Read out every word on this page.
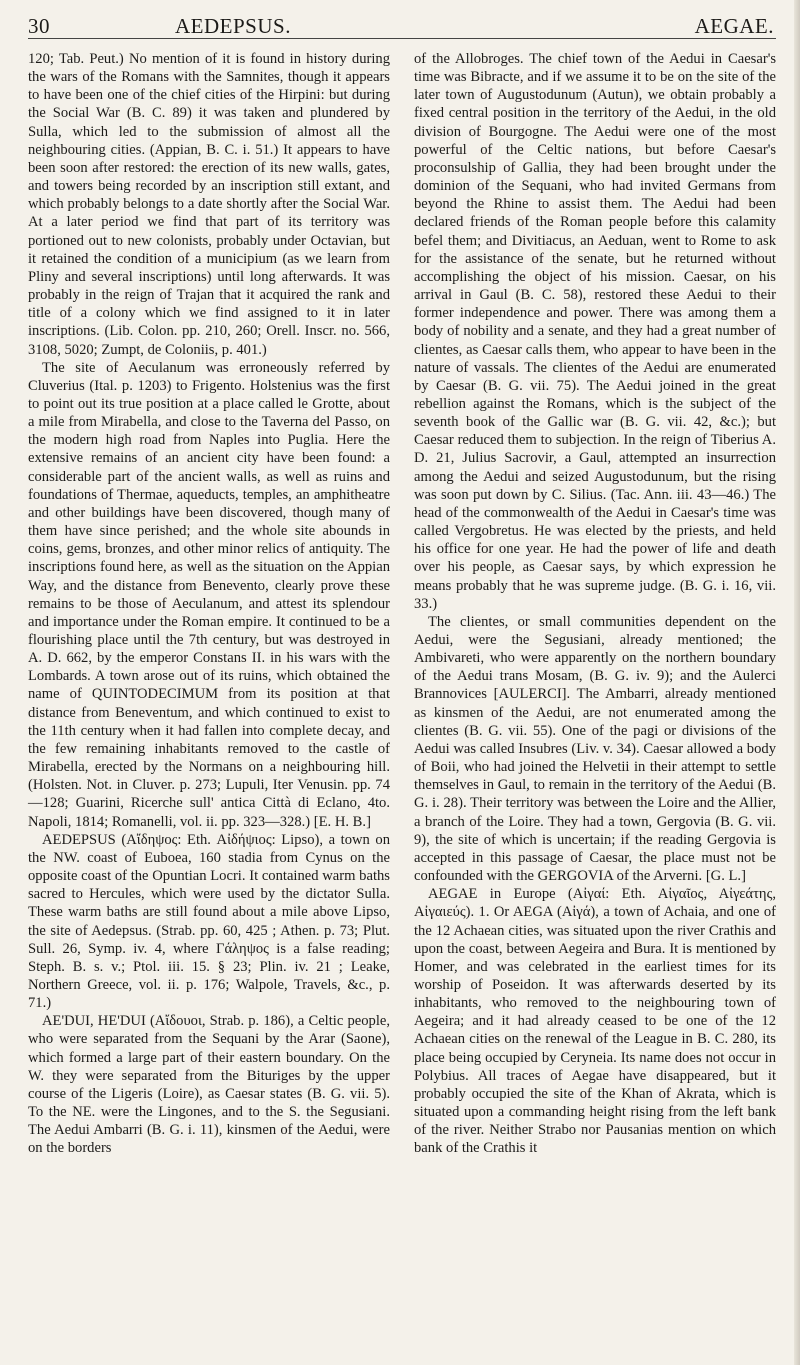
30	AEDEPSUS.	AEGAE.

120; Tab. Peut.) No mention of it is found in history during the wars of the Romans with the Samnites, though it appears to have been one of the chief cities of the Hirpini: but during the Social War (B. C. 89) it was taken and plundered by Sulla, which led to the submission of almost all the neighbouring cities. (Appian, B. C. i. 51.) It appears to have been soon after restored: the erection of its new walls, gates, and towers being recorded by an inscription still extant, and which probably belongs to a date shortly after the Social War. At a later period we find that part of its territory was portioned out to new colonists, probably under Octavian, but it retained the condition of a municipium (as we learn from Pliny and several inscriptions) until long afterwards. It was probably in the reign of Trajan that it acquired the rank and title of a colony which we find assigned to it in later inscriptions. (Lib. Colon. pp. 210, 260; Orell. Inscr. no. 566, 3108, 5020; Zumpt, de Coloniis, p. 401.)

The site of Aeculanum was erroneously referred by Cluverius (Ital. p. 1203) to Frigento. Holstenius was the first to point out its true position at a place called le Grotte, about a mile from Mirabella, and close to the Taverna del Passo, on the modern high road from Naples into Puglia. Here the extensive remains of an ancient city have been found: a considerable part of the ancient walls, as well as ruins and foundations of Thermae, aqueducts, temples, an amphitheatre and other buildings have been discovered, though many of them have since perished; and the whole site abounds in coins, gems, bronzes, and other minor relics of antiquity. The inscriptions found here, as well as the situation on the Appian Way, and the distance from Benevento, clearly prove these remains to be those of Aeculanum, and attest its splendour and importance under the Roman empire. It continued to be a flourishing place until the 7th century, but was destroyed in A. D. 662, by the emperor Constans II. in his wars with the Lombards. A town arose out of its ruins, which obtained the name of QUINTODECIMUM from its position at that distance from Beneventum, and which continued to exist to the 11th century when it had fallen into complete decay, and the few remaining inhabitants removed to the castle of Mirabella, erected by the Normans on a neighbouring hill. (Holsten. Not. in Cluver. p. 273; Lupuli, Iter Venusin. pp. 74—128; Guarini, Ricerche sull' antica Città di Eclano, 4to. Napoli, 1814; Romanelli, vol. ii. pp. 323—328.) [E. H. B.]

AEDEPSUS (Αἴδηψος: Eth. Αἰδήψιος: Lipso), a town on the NW. coast of Euboea, 160 stadia from Cynus on the opposite coast of the Opuntian Locri. It contained warm baths sacred to Hercules, which were used by the dictator Sulla. These warm baths are still found about a mile above Lipso, the site of Aedepsus. (Strab. pp. 60, 425 ; Athen. p. 73; Plut. Sull. 26, Symp. iv. 4, where Γάληψος is a false reading; Steph. B. s. v.; Ptol. iii. 15. § 23; Plin. iv. 21 ; Leake, Northern Greece, vol. ii. p. 176; Walpole, Travels, &c., p. 71.)

AE'DUI, HE'DUI (Αἴδουοι, Strab. p. 186), a Celtic people, who were separated from the Sequani by the Arar (Saone), which formed a large part of their eastern boundary. On the W. they were separated from the Bituriges by the upper course of the Ligeris (Loire), as Caesar states (B. G. vii. 5). To the NE. were the Lingones, and to the S. the Segusiani. The Aedui Ambarri (B. G. i. 11), kinsmen of the Aedui, were on the borders

of the Allobroges. The chief town of the Aedui in Caesar's time was Bibracte, and if we assume it to be on the site of the later town of Augustodunum (Autun), we obtain probably a fixed central position in the territory of the Aedui, in the old division of Bourgogne. The Aedui were one of the most powerful of the Celtic nations, but before Caesar's proconsulship of Gallia, they had been brought under the dominion of the Sequani, who had invited Germans from beyond the Rhine to assist them. The Aedui had been declared friends of the Roman people before this calamity befel them; and Divitiacus, an Aeduan, went to Rome to ask for the assistance of the senate, but he returned without accomplishing the object of his mission. Caesar, on his arrival in Gaul (B. C. 58), restored these Aedui to their former independence and power. There was among them a body of nobility and a senate, and they had a great number of clientes, as Caesar calls them, who appear to have been in the nature of vassals. The clientes of the Aedui are enumerated by Caesar (B. G. vii. 75). The Aedui joined in the great rebellion against the Romans, which is the subject of the seventh book of the Gallic war (B. G. vii. 42, &c.); but Caesar reduced them to subjection. In the reign of Tiberius A. D. 21, Julius Sacrovir, a Gaul, attempted an insurrection among the Aedui and seized Augustodunum, but the rising was soon put down by C. Silius. (Tac. Ann. iii. 43—46.) The head of the commonwealth of the Aedui in Caesar's time was called Vergobretus. He was elected by the priests, and held his office for one year. He had the power of life and death over his people, as Caesar says, by which expression he means probably that he was supreme judge. (B. G. i. 16, vii. 33.)

The clientes, or small communities dependent on the Aedui, were the Segusiani, already mentioned; the Ambivareti, who were apparently on the northern boundary of the Aedui trans Mosam, (B. G. iv. 9); and the Aulerci Brannovices [AULERCI]. The Ambarri, already mentioned as kinsmen of the Aedui, are not enumerated among the clientes (B. G. vii. 55). One of the pagi or divisions of the Aedui was called Insubres (Liv. v. 34). Caesar allowed a body of Boii, who had joined the Helvetii in their attempt to settle themselves in Gaul, to remain in the territory of the Aedui (B. G. i. 28). Their territory was between the Loire and the Allier, a branch of the Loire. They had a town, Gergovia (B. G. vii. 9), the site of which is uncertain; if the reading Gergovia is accepted in this passage of Caesar, the place must not be confounded with the GERGOVIA of the Arverni. [G. L.]

AEGAE in Europe (Αἰγαί: Eth. Αἰγαῖος, Αἰγεάτης, Αἰγαιεύς). 1. Or AEGA (Αἰγά), a town of Achaia, and one of the 12 Achaean cities, was situated upon the river Crathis and upon the coast, between Aegeira and Bura. It is mentioned by Homer, and was celebrated in the earliest times for its worship of Poseidon. It was afterwards deserted by its inhabitants, who removed to the neighbouring town of Aegeira; and it had already ceased to be one of the 12 Achaean cities on the renewal of the League in B. C. 280, its place being occupied by Ceryneia. Its name does not occur in Polybius. All traces of Aegae have disappeared, but it probably occupied the site of the Khan of Akrata, which is situated upon a commanding height rising from the left bank of the river. Neither Strabo nor Pausanias mention on which bank of the Crathis it
